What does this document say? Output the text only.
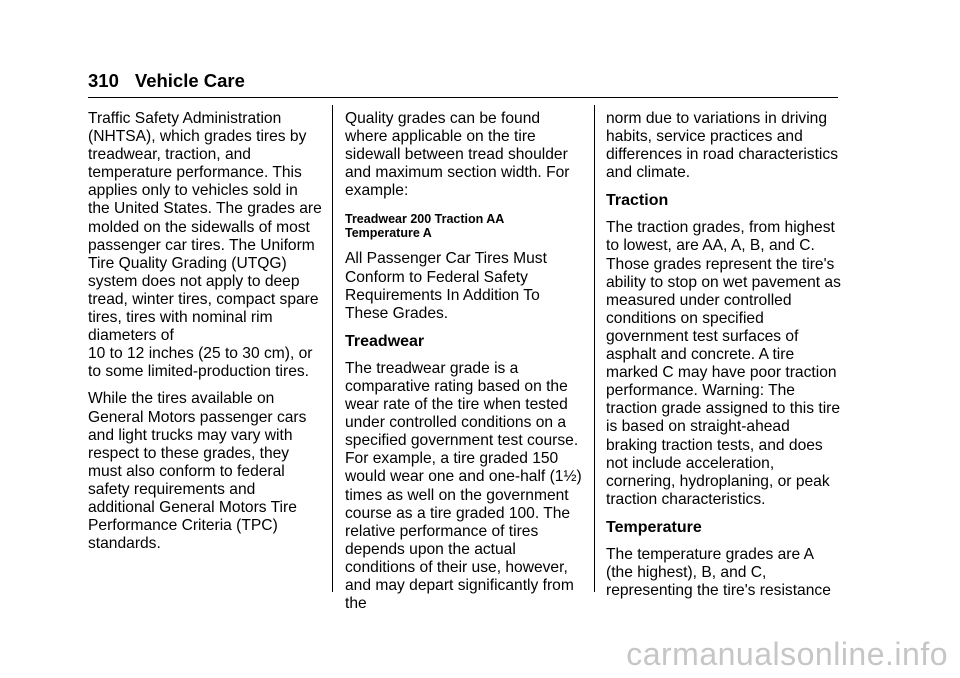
310 Vehicle Care

Traffic Safety Administration (NHTSA), which grades tires by treadwear, traction, and temperature performance. This applies only to vehicles sold in the United States. The grades are molded on the sidewalls of most passenger car tires. The Uniform Tire Quality Grading (UTQG) system does not apply to deep tread, winter tires, compact spare tires, tires with nominal rim diameters of
10 to 12 inches (25 to 30 cm), or to some limited-production tires.

While the tires available on General Motors passenger cars and light trucks may vary with respect to these grades, they must also conform to federal safety requirements and additional General Motors Tire Performance Criteria (TPC) standards.

Quality grades can be found where applicable on the tire sidewall between tread shoulder and maximum section width. For example:

Treadwear 200 Traction AA
Temperature A

All Passenger Car Tires Must Conform to Federal Safety Requirements In Addition To These Grades.

Treadwear

The treadwear grade is a comparative rating based on the wear rate of the tire when tested under controlled conditions on a specified government test course. For example, a tire graded 150 would wear one and one-half (1½) times as well on the government course as a tire graded 100. The relative performance of tires depends upon the actual conditions of their use, however, and may depart significantly from the

norm due to variations in driving habits, service practices and differences in road characteristics and climate.

Traction

The traction grades, from highest to lowest, are AA, A, B, and C. Those grades represent the tire's ability to stop on wet pavement as measured under controlled conditions on specified government test surfaces of asphalt and concrete. A tire marked C may have poor traction performance. Warning: The traction grade assigned to this tire is based on straight-ahead braking traction tests, and does not include acceleration, cornering, hydroplaning, or peak traction characteristics.

Temperature

The temperature grades are A (the highest), B, and C, representing the tire's resistance

carmanualsonline.info
